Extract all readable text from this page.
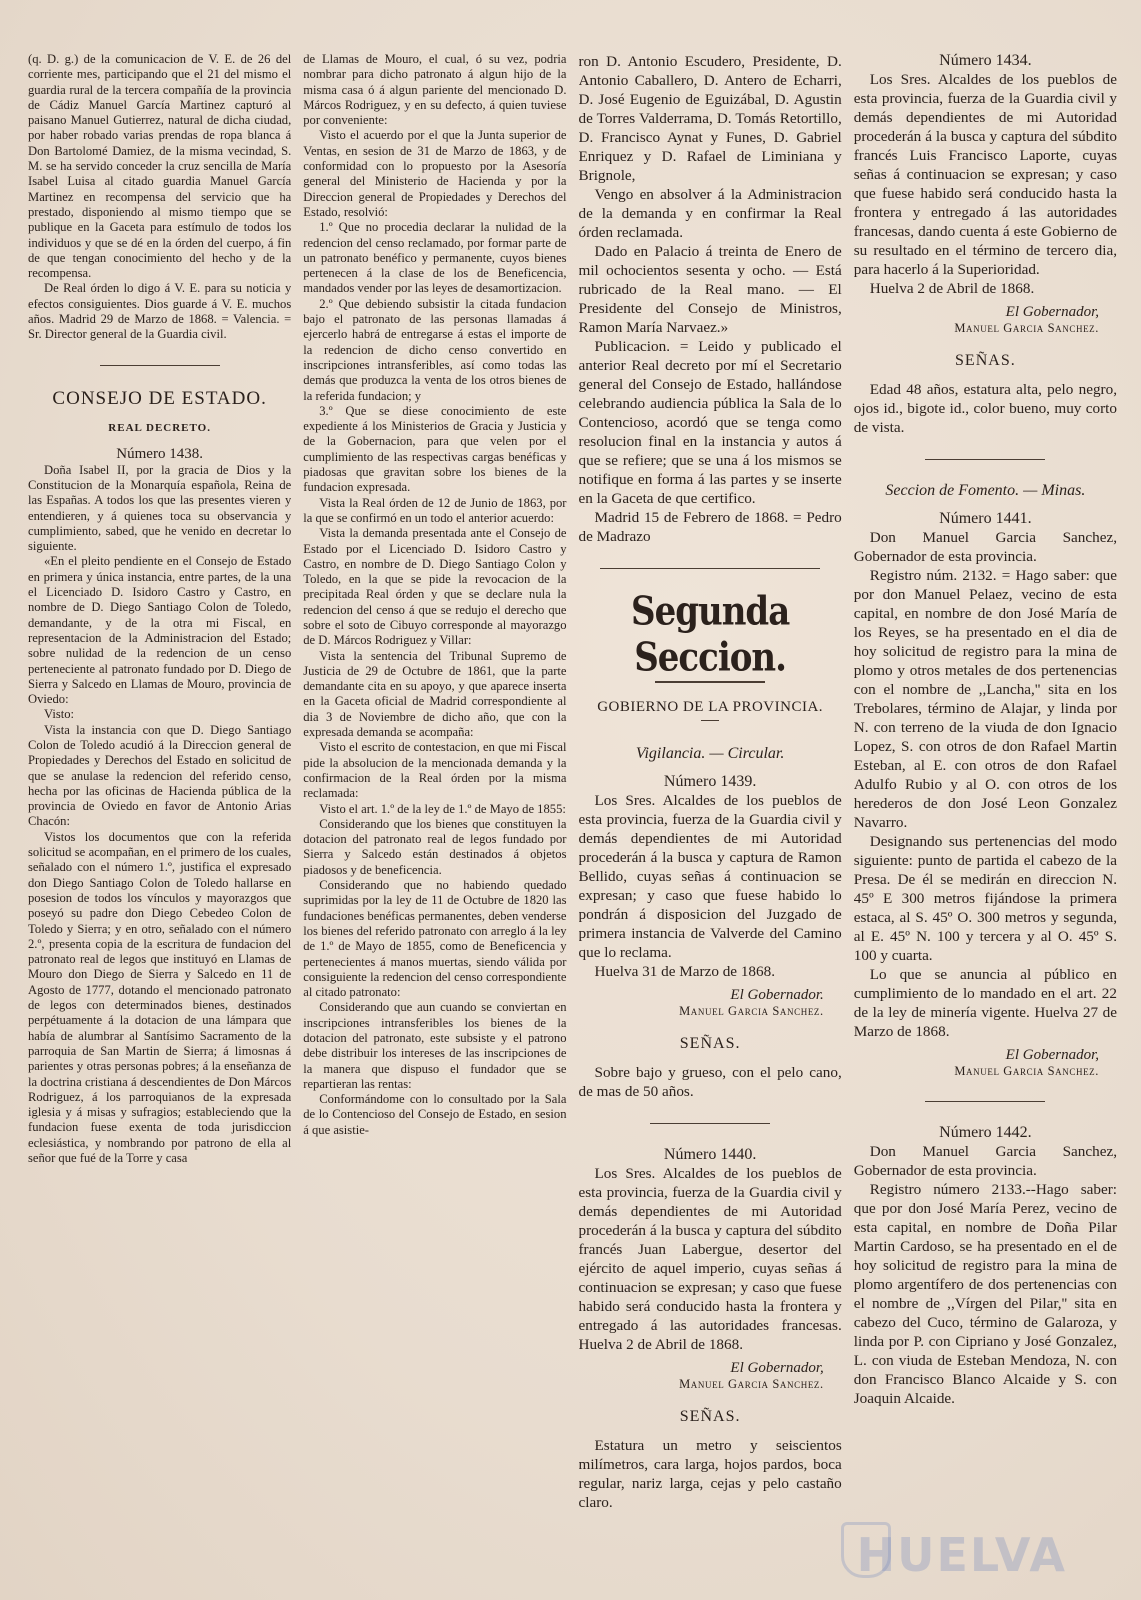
(q. D. g.) de la comunicacion de V. E. de 26 del corriente mes, participando que el 21 del mismo el guardia rural de la tercera compañía de la provincia de Cádiz Manuel García Martinez capturó al paisano Manuel Gutierrez, natural de dicha ciudad, por haber robado varias prendas de ropa blanca á Don Bartolomé Damiez, de la misma vecindad, S. M. se ha servido conceder la cruz sencilla de María Isabel Luisa al citado guardia Manuel García Martinez en recompensa del servicio que ha prestado, disponiendo al mismo tiempo que se publique en la Gaceta para estímulo de todos los individuos y que se dé en la órden del cuerpo, á fin de que tengan conocimiento del hecho y de la recompensa.

De Real órden lo digo á V. E. para su noticia y efectos consiguientes. Dios guarde á V. E. muchos años. Madrid 29 de Marzo de 1868. = Valencia. = Sr. Director general de la Guardia civil.

CONSEJO DE ESTADO.
REAL DECRETO.
Número 1438.

Doña Isabel II, por la gracia de Dios y la Constitucion de la Monarquía española, Reina de las Españas. A todos los que las presentes vieren y entendieren, y á quienes toca su observancia y cumplimiento, sabed, que he venido en decretar lo siguiente.

«En el pleito pendiente en el Consejo de Estado en primera y única instancia, entre partes, de la una el Licenciado D. Isidoro Castro y Castro, en nombre de D. Diego Santiago Colon de Toledo, demandante, y de la otra mi Fiscal, en representacion de la Administracion del Estado; sobre nulidad de la redencion de un censo perteneciente al patronato fundado por D. Diego de Sierra y Salcedo en Llamas de Mouro, provincia de Oviedo:

Visto:

Vista la instancia con que D. Diego Santiago Colon de Toledo acudió á la Direccion general de Propiedades y Derechos del Estado en solicitud de que se anulase la redencion del referido censo, hecha por las oficinas de Hacienda pública de la provincia de Oviedo en favor de Antonio Arias Chacón:

Vistos los documentos que con la referida solicitud se acompañan, en el primero de los cuales, señalado con el número 1.º, justifica el expresado don Diego Santiago Colon de Toledo hallarse en posesion de todos los vínculos y mayorazgos que poseyó su padre don Diego Cebedeo Colon de Toledo y Sierra; y en otro, señalado con el número 2.º, presenta copia de la escritura de fundacion del patronato real de legos que instituyó en Llamas de Mouro don Diego de Sierra y Salcedo en 11 de Agosto de 1777, dotando el mencionado patronato de legos con determinados bienes, destinados perpétuamente á la dotacion de una lámpara que había de alumbrar al Santísimo Sacramento de la parroquia de San Martin de Sierra; á limosnas á parientes y otras personas pobres; á la enseñanza de la doctrina cristiana á descendientes de Don Márcos Rodriguez, á los parroquianos de la expresada iglesia y á misas y sufragios; estableciendo que la fundacion fuese exenta de toda jurisdiccion eclesiástica, y nombrando por patrono de ella al señor que fué de la Torre y casa

de Llamas de Mouro, el cual, ó su vez, podria nombrar para dicho patronato á algun hijo de la misma casa ó á algun pariente del mencionado D. Márcos Rodriguez, y en su defecto, á quien tuviese por conveniente:

Visto el acuerdo por el que la Junta superior de Ventas, en sesion de 31 de Marzo de 1863, y de conformidad con lo propuesto por la Asesoría general del Ministerio de Hacienda y por la Direccion general de Propiedades y Derechos del Estado, resolvió:

1.º Que no procedia declarar la nulidad de la redencion del censo reclamado, por formar parte de un patronato benéfico y permanente, cuyos bienes pertenecen á la clase de los de Beneficencia, mandados vender por las leyes de desamortizacion.

2.º Que debiendo subsistir la citada fundacion bajo el patronato de las personas llamadas á ejercerlo habrá de entregarse á estas el importe de la redencion de dicho censo convertido en inscripciones intransferibles, así como todas las demás que produzca la venta de los otros bienes de la referida fundacion; y

3.º Que se diese conocimiento de este expediente á los Ministerios de Gracia y Justicia y de la Gobernacion, para que velen por el cumplimiento de las respectivas cargas benéficas y piadosas que gravitan sobre los bienes de la fundacion expresada.

Vista la Real órden de 12 de Junio de 1863, por la que se confirmó en un todo el anterior acuerdo:

Vista la demanda presentada ante el Consejo de Estado por el Licenciado D. Isidoro Castro y Castro, en nombre de D. Diego Santiago Colon y Toledo, en la que se pide la revocacion de la precipitada Real órden y que se declare nula la redencion del censo á que se redujo el derecho que sobre el soto de Cibuyo corresponde al mayorazgo de D. Márcos Rodriguez y Villar:

Vista la sentencia del Tribunal Supremo de Justicia de 29 de Octubre de 1861, que la parte demandante cita en su apoyo, y que aparece inserta en la Gaceta oficial de Madrid correspondiente al dia 3 de Noviembre de dicho año, que con la expresada demanda se acompaña:

Visto el escrito de contestacion, en que mi Fiscal pide la absolucion de la mencionada demanda y la confirmacion de la Real órden por la misma reclamada:

Visto el art. 1.º de la ley de 1.º de Mayo de 1855:

Considerando que los bienes que constituyen la dotacion del patronato real de legos fundado por Sierra y Salcedo están destinados á objetos piadosos y de beneficencia.

Considerando que no habiendo quedado suprimidas por la ley de 11 de Octubre de 1820 las fundaciones benéficas permanentes, deben venderse los bienes del referido patronato con arreglo á la ley de 1.º de Mayo de 1855, como de Beneficencia y pertenecientes á manos muertas, siendo válida por consiguiente la redencion del censo correspondiente al citado patronato:

Considerando que aun cuando se conviertan en inscripciones intransferibles los bienes de la dotacion del patronato, este subsiste y el patrono debe distribuir los intereses de las inscripciones de la manera que dispuso el fundador que se repartieran las rentas:

Conformándome con lo consultado por la Sala de lo Contencioso del Consejo de Estado, en sesion á que asistie-

ron D. Antonio Escudero, Presidente, D. Antonio Caballero, D. Antero de Echarri, D. José Eugenio de Eguizábal, D. Agustin de Torres Valderrama, D. Tomás Retortillo, D. Francisco Aynat y Funes, D. Gabriel Enriquez y D. Rafael de Liminiana y Brignole,

Vengo en absolver á la Administracion de la demanda y en confirmar la Real órden reclamada.

Dado en Palacio á treinta de Enero de mil ochocientos sesenta y ocho. — Está rubricado de la Real mano. — El Presidente del Consejo de Ministros, Ramon María Narvaez.»

Publicacion. = Leido y publicado el anterior Real decreto por mí el Secretario general del Consejo de Estado, hallándose celebrando audiencia pública la Sala de lo Contencioso, acordó que se tenga como resolucion final en la instancia y autos á que se refiere; que se una á los mismos se notifique en forma á las partes y se inserte en la Gaceta de que certifico.

Madrid 15 de Febrero de 1868. = Pedro de Madrazo

Segunda Seccion.
GOBIERNO DE LA PROVINCIA.
Vigilancia. — Circular.
Número 1439.

Los Sres. Alcaldes de los pueblos de esta provincia, fuerza de la Guardia civil y demás dependientes de mi Autoridad procederán á la busca y captura de Ramon Bellido, cuyas señas á continuacion se expresan; y caso que fuese habido lo pondrán á disposicion del Juzgado de primera instancia de Valverde del Camino que lo reclama.

Huelva 31 de Marzo de 1868.

El Gobernador.
Manuel Garcia Sanchez.
SEÑAS.

Sobre bajo y grueso, con el pelo cano, de mas de 50 años.

Número 1440.

Los Sres. Alcaldes de los pueblos de esta provincia, fuerza de la Guardia civil y demás dependientes de mi Autoridad procederán á la busca y captura del súbdito francés Juan Labergue, desertor del ejército de aquel imperio, cuyas señas á continuacion se expresan; y caso que fuese habido será conducido hasta la frontera y entregado á las autoridades francesas. Huelva 2 de Abril de 1868.

El Gobernador,
Manuel Garcia Sanchez.
SEÑAS.

Estatura un metro y seiscientos milímetros, cara larga, hojos pardos, boca regular, nariz larga, cejas y pelo castaño claro.

Número 1434.

Los Sres. Alcaldes de los pueblos de esta provincia, fuerza de la Guardia civil y demás dependientes de mi Autoridad procederán á la busca y captura del súbdito francés Luis Francisco Laporte, cuyas señas á continuacion se expresan; y caso que fuese habido será conducido hasta la frontera y entregado á las autoridades francesas, dando cuenta á este Gobierno de su resultado en el término de tercero dia, para hacerlo á la Superioridad.

Huelva 2 de Abril de 1868.

El Gobernador,
Manuel Garcia Sanchez.
SEÑAS.

Edad 48 años, estatura alta, pelo negro, ojos id., bigote id., color bueno, muy corto de vista.

Seccion de Fomento. — Minas.
Número 1441.

Don Manuel Garcia Sanchez, Gobernador de esta provincia.

Registro núm. 2132. = Hago saber: que por don Manuel Pelaez, vecino de esta capital, en nombre de don José María de los Reyes, se ha presentado en el dia de hoy solicitud de registro para la mina de plomo y otros metales de dos pertenencias con el nombre de ,,Lancha,'' sita en los Trebolares, término de Alajar, y linda por N. con terreno de la viuda de don Ignacio Lopez, S. con otros de don Rafael Martin Esteban, al E. con otros de don Rafael Adulfo Rubio y al O. con otros de los herederos de don José Leon Gonzalez Navarro.

Designando sus pertenencias del modo siguiente: punto de partida el cabezo de la Presa. De él se medirán en direccion N. 45º E 300 metros fijándose la primera estaca, al S. 45º O. 300 metros y segunda, al E. 45º N. 100 y tercera y al O. 45º S. 100 y cuarta.

Lo que se anuncia al público en cumplimiento de lo mandado en el art. 22 de la ley de minería vigente. Huelva 27 de Marzo de 1868.

El Gobernador,
Manuel Garcia Sanchez.
Número 1442.

Don Manuel Garcia Sanchez, Gobernador de esta provincia.

Registro número 2133.--Hago saber: que por don José María Perez, vecino de esta capital, en nombre de Doña Pilar Martin Cardoso, se ha presentado en el de hoy solicitud de registro para la mina de plomo argentífero de dos pertenencias con el nombre de ,,Vírgen del Pilar,'' sita en cabezo del Cuco, término de Galaroza, y linda por P. con Cipriano y José Gonzalez, L. con viuda de Esteban Mendoza, N. con don Francisco Blanco Alcaide y S. con Joaquin Alcaide.

HUELVA
